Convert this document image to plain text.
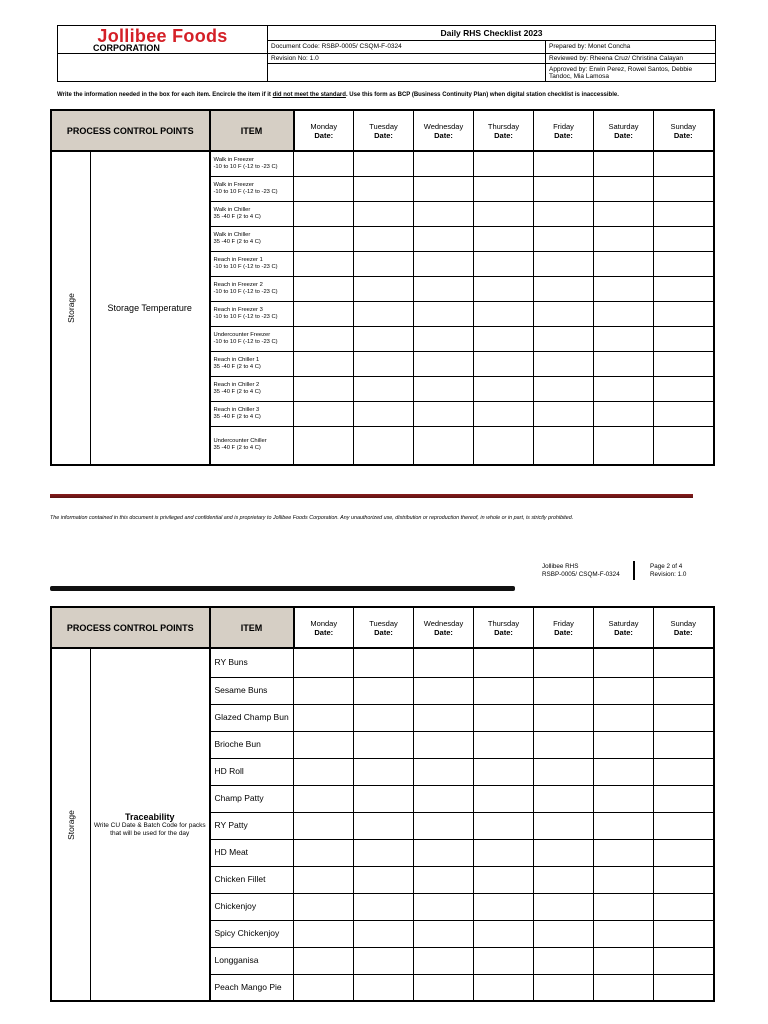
Jollibee Foods
CORPORATION	Daily RHS Checklist 2023	
	Document Code: RSBP-0005/ CSQM-F-0324	Prepared by: Monet Concha
	Revision No: 1.0	Reviewed by: Rheena Cruz/ Christina Calayan
		Approved by: Erwin Perez, Rowel Santos, Debbie Tandoc, Mia Lamosa
Write the information needed in the box for each item. Encircle the item if it did not meet the standard. Use this form as BCP (Business Continuity Plan) when digital station checklist is inaccessible.
PROCESS CONTROL POINTS		ITEM	Monday
Date:	Tuesday
Date:	Wednesday
Date:	Thursday
Date:	Friday
Date:	Saturday
Date:	Sunday
Date:

Storage	Storage Temperature	Walk in Freezer
-10 to 10 F (-12 to -23 C)							

		Walk in Freezer
-10 to 10 F (-12 to -23 C)							

		Walk in Chiller
35 -40 F (2 to 4 C)							

		Walk in Chiller
35 -40 F (2 to 4 C)							

		Reach in Freezer 1
-10 to 10 F (-12 to -23 C)							

		Reach in Freezer 2
-10 to 10 F (-12 to -23 C)							

		Reach in Freezer 3
-10 to 10 F (-12 to -23 C)							

		Undercounter Freezer
-10 to 10 F (-12 to -23 C)							

		Reach in Chiller 1
35 -40 F (2 to 4 C)							

		Reach in Chiller 2
35 -40 F (2 to 4 C)							

		Reach in Chiller 3
35 -40 F (2 to 4 C)							

		Undercounter Chiller
35 -40 F (2 to 4 C)							

The information contained in this document is privileged and confidential and is proprietary to Jollibee Foods Corporation. Any unauthorized use, distribution or reproduction thereof, in whole or in part, is strictly prohibited.
Jollibee RHS
RSBP-0005/ CSQM-F-0324
Page 2 of 4
Revision: 1.0
PROCESS CONTROL POINTS		ITEM	Monday
Date:	Tuesday
Date:	Wednesday
Date:	Thursday
Date:	Friday
Date:	Saturday
Date:	Sunday
Date:

Storage	Traceability
Write CU Date & Batch Code for packs that will be used for the day	RY Buns							
		Sesame Buns							
		Glazed Champ Bun							
		Brioche Bun							
		HD Roll							
		Champ Patty							
		RY Patty							
		HD Meat							
		Chicken Fillet							
		Chickenjoy							
		Spicy Chickenjoy							
		Longganisa							
		Peach Mango Pie							
